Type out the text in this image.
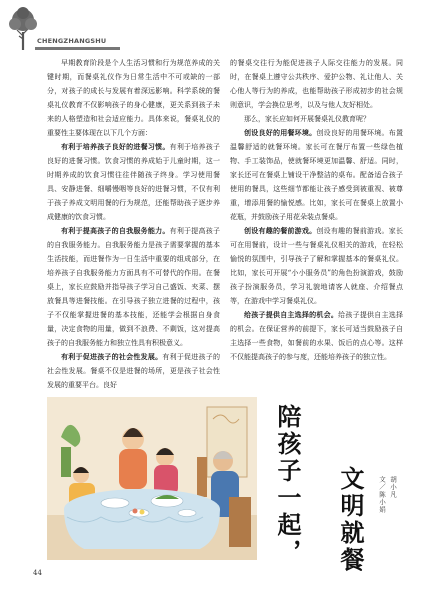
CHENGZHANGSHU

早期教育阶段是个人生活习惯和行为规范养成的关键时期，而餐桌礼仪作为日常生活中不可或缺的一部分，对孩子的成长与发展有着深远影响。科学系统的餐桌礼仪教育不仅影响孩子的身心健康，更关系到孩子未来的人格塑造和社会适应能力。具体来说，餐桌礼仪的重要性主要体现在以下几个方面：

有利于培养孩子良好的进餐习惯。有利于培养孩子良好的进餐习惯。饮食习惯的养成始于儿童时期，这一时期养成的饮食习惯往往伴随孩子终身。学习使用餐具、安静进餐、细嚼慢咽等良好的进餐习惯，不仅有利于孩子养成文明用餐的行为规范，还能帮助孩子逐步养成健康的饮食习惯。

有利于提高孩子的自我服务能力。有利于提高孩子的自我服务能力。自我服务能力是孩子需要掌握的基本生活技能，而进餐作为一日生活中重要的组成部分，在培养孩子自我服务能力方面具有不可替代的作用。在餐桌上，家长应鼓励并指导孩子学习自己盛饭、夹菜、摆放餐具等进餐技能。在引导孩子独立进餐的过程中，孩子不仅能掌握进餐的基本技能，还能学会根据自身食量，决定食物的用量，做到不浪费、不剩饭，这对提高孩子的自我服务能力和独立性具有积极意义。

有利于促进孩子的社会性发展。有利于促进孩子的社会性发展。餐桌不仅是进餐的场所，更是孩子社会性发展的重要平台。良好

的餐桌交往行为能促进孩子人际交往能力的发展。同时，在餐桌上遵守公共秩序、爱护公物、礼让他人、关心他人等行为的养成，也能帮助孩子形成初步的社会规则意识，学会换位思考，以及与他人友好相处。

那么，家长应如何开展餐桌礼仪教育呢？

创设良好的用餐环境。创设良好的用餐环境。布置温馨舒适的就餐环境。家长可在餐厅布置一些绿色植物、手工装饰品，使就餐环境更加温馨、舒适。同时，家长还可在餐桌上铺设干净整洁的桌布。配备适合孩子使用的餐具，这些细节都能让孩子感受到被重视、被尊重，增添用餐的愉悦感。比如，家长可在餐桌上放置小花瓶，并鼓励孩子用花朵装点餐桌。

创设有趣的餐前游戏。创设有趣的餐前游戏。家长可在用餐前，设计一些与餐桌礼仪相关的游戏，在轻松愉悦的氛围中，引导孩子了解和掌握基本的餐桌礼仪。比如，家长可开展“小小服务员”的角色扮演游戏，鼓励孩子扮演服务员，学习礼貌地请客人就座、介绍餐点等，在游戏中学习餐桌礼仪。

给孩子提供自主选择的机会。给孩子提供自主选择的机会。在保证营养的前提下，家长可适当鼓励孩子自主选择一些食物，如餐前的水果、饭后的点心等。这样不仅能提高孩子的参与度，还能培养孩子的独立性。

陪孩子一起， 文明就餐 文／陈小娟 胡小凡
44
